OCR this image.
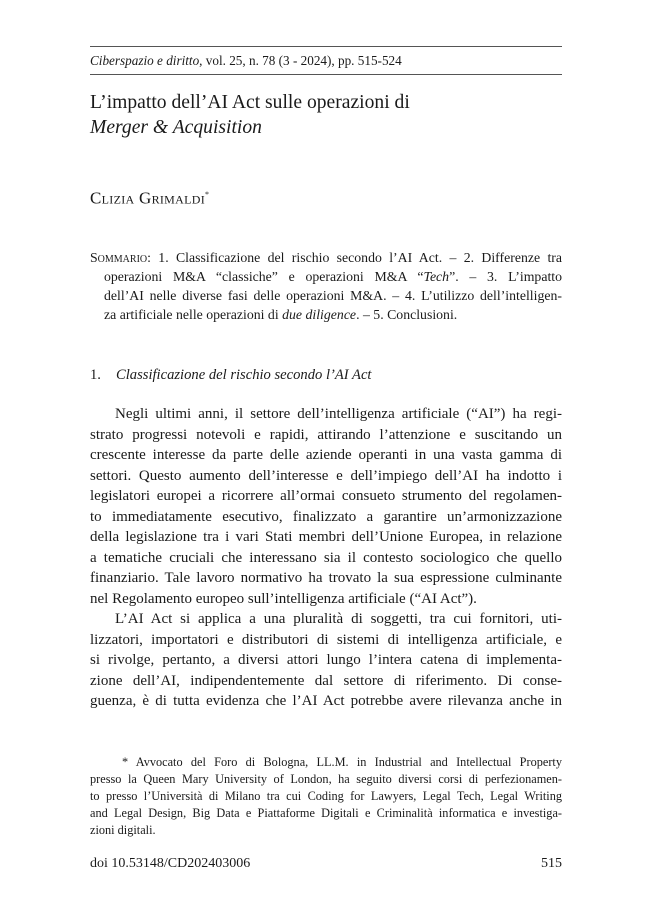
Ciberspazio e diritto, vol. 25, n. 78 (3 - 2024), pp. 515-524
L’impatto dell’AI Act sulle operazioni di
Merger & Acquisition
Clizia Grimaldi*
Sommario: 1. Classificazione del rischio secondo l’AI Act. – 2. Differenze tra
operazioni M&A “classiche” e operazioni M&A “Tech”. – 3. L’impatto
dell’AI nelle diverse fasi delle operazioni M&A. – 4. L’utilizzo dell’intelligen-
za artificiale nelle operazioni di due diligence. – 5. Conclusioni.
1. Classificazione del rischio secondo l’AI Act
Negli ultimi anni, il settore dell’intelligenza artificiale (“AI”) ha regi-
strato progressi notevoli e rapidi, attirando l’attenzione e suscitando un
crescente interesse da parte delle aziende operanti in una vasta gamma di
settori. Questo aumento dell’interesse e dell’impiego dell’AI ha indotto i
legislatori europei a ricorrere all’ormai consueto strumento del regolamen-
to immediatamente esecutivo, finalizzato a garantire un’armonizzazione
della legislazione tra i vari Stati membri dell’Unione Europea, in relazione
a tematiche cruciali che interessano sia il contesto sociologico che quello
finanziario. Tale lavoro normativo ha trovato la sua espressione culminante
nel Regolamento europeo sull’intelligenza artificiale (“AI Act”).
L’AI Act si applica a una pluralità di soggetti, tra cui fornitori, uti-
lizzatori, importatori e distributori di sistemi di intelligenza artificiale, e
si rivolge, pertanto, a diversi attori lungo l’intera catena di implementa-
zione dell’AI, indipendentemente dal settore di riferimento. Di conse-
guenza, è di tutta evidenza che l’AI Act potrebbe avere rilevanza anche in
* Avvocato del Foro di Bologna, LL.M. in Industrial and Intellectual Property
presso la Queen Mary University of London, ha seguito diversi corsi di perfezionamen-
to presso l’Università di Milano tra cui Coding for Lawyers, Legal Tech, Legal Writing
and Legal Design, Big Data e Piattaforme Digitali e Criminalità informatica e investiga-
zioni digitali.
doi 10.53148/CD202403006	515
